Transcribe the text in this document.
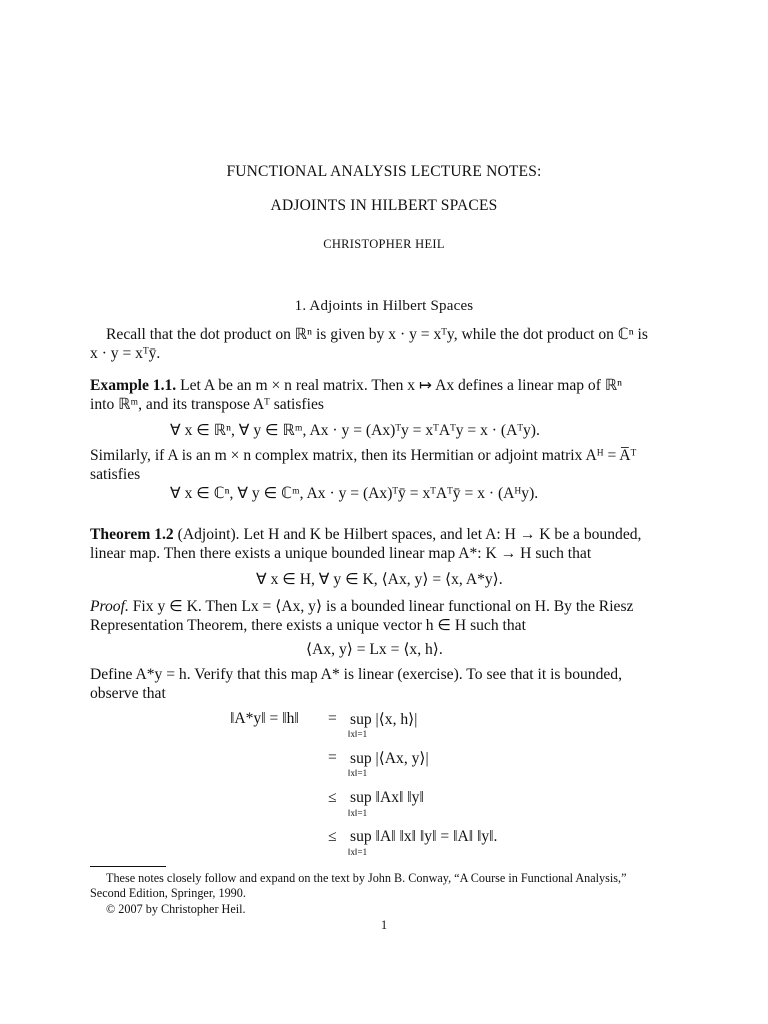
FUNCTIONAL ANALYSIS LECTURE NOTES:
ADJOINTS IN HILBERT SPACES
CHRISTOPHER HEIL
1. Adjoints in Hilbert Spaces
Recall that the dot product on ℝⁿ is given by x · y = xᵀy, while the dot product on ℂⁿ is
x · y = xᵀȳ.
Example 1.1. Let A be an m × n real matrix. Then x ↦ Ax defines a linear map of ℝⁿ
into ℝᵐ, and its transpose Aᵀ satisfies
∀ x ∈ ℝⁿ, ∀ y ∈ ℝᵐ, Ax · y = (Ax)ᵀy = xᵀAᵀy = x · (Aᵀy).
Similarly, if A is an m × n complex matrix, then its Hermitian or adjoint matrix Aᴴ = A̅ᵀ
satisfies
∀ x ∈ ℂⁿ, ∀ y ∈ ℂᵐ, Ax · y = (Ax)ᵀȳ = xᵀAᵀȳ = x · (Aᴴy).
Theorem 1.2 (Adjoint). Let H and K be Hilbert spaces, and let A: H → K be a bounded,
linear map. Then there exists a unique bounded linear map A*: K → H such that
∀ x ∈ H, ∀ y ∈ K, ⟨Ax, y⟩ = ⟨x, A*y⟩.
Proof. Fix y ∈ K. Then Lx = ⟨Ax, y⟩ is a bounded linear functional on H. By the Riesz
Representation Theorem, there exists a unique vector h ∈ H such that
⟨Ax, y⟩ = Lx = ⟨x, h⟩.
Define A*y = h. Verify that this map A* is linear (exercise). To see that it is bounded,
observe that
‖A*y‖ = ‖h‖ = sup |⟨x, h⟩|
‖x‖=1
= sup |⟨Ax, y⟩|
‖x‖=1
≤ sup ‖Ax‖ ‖y‖
‖x‖=1
≤ sup ‖A‖ ‖x‖ ‖y‖ = ‖A‖ ‖y‖.
‖x‖=1
These notes closely follow and expand on the text by John B. Conway, “A Course in Functional Analysis,”
Second Edition, Springer, 1990.
© 2007 by Christopher Heil.
1
